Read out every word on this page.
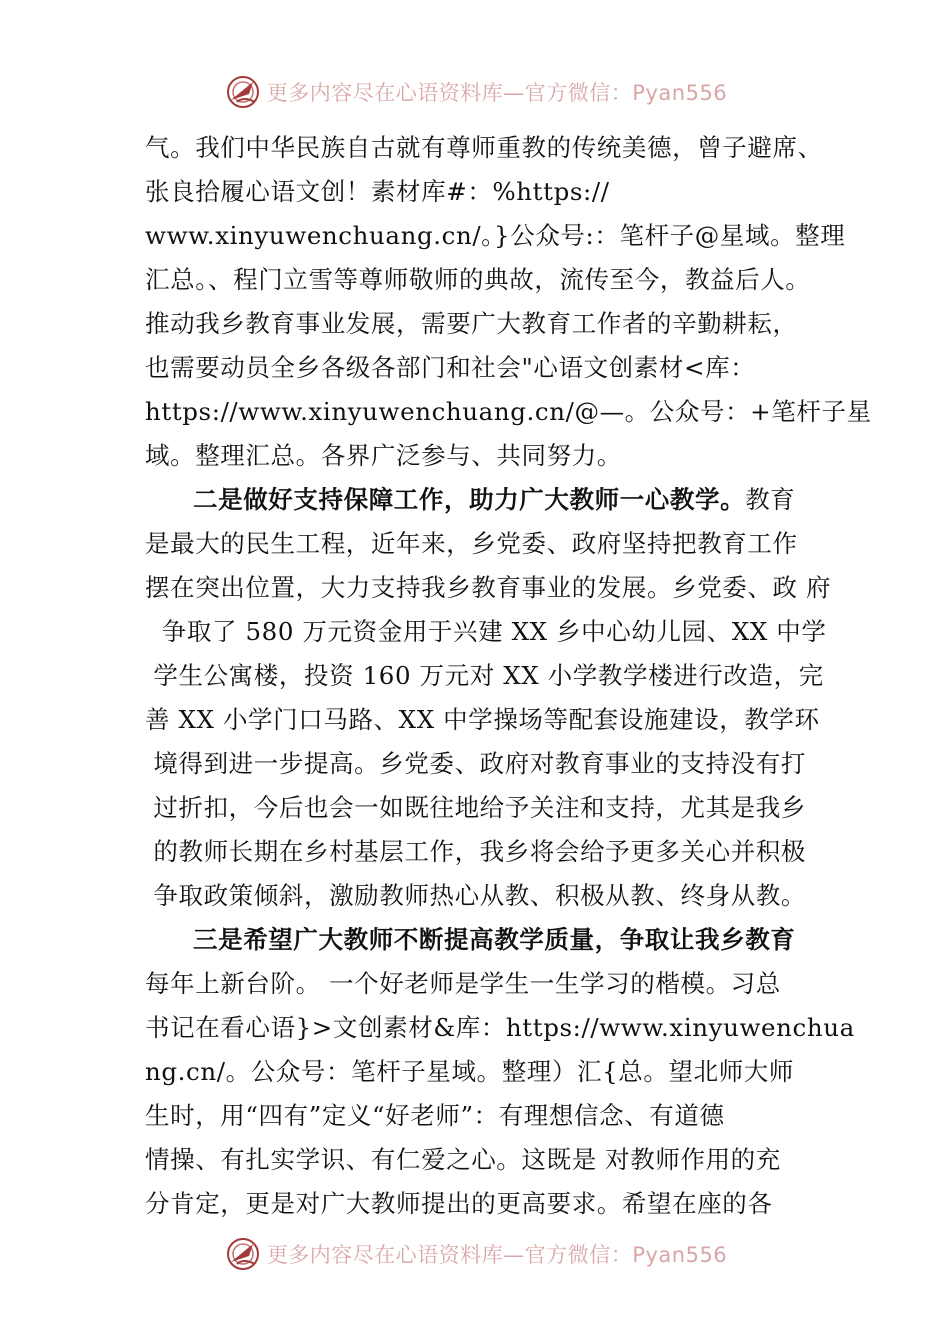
更多内容尽在心语资料库—官方微信：Pyan556
气。我们中华民族自古就有尊师重教的传统美德，曾子避席、
张良拾履心语文创！素材库#：%https://
www.xinyuwenchuang.cn/。}公众号:：笔杆子@星域。整理
汇总。、程门立雪等尊师敬师的典故，流传至今，教益后人。
推动我乡教育事业发展，需要广大教育工作者的辛勤耕耘，
也需要动员全乡各级各部门和社会"心语文创素材<库：
https://www.xinyuwenchuang.cn/@—。公众号：+笔杆子星
域。整理汇总。各界广泛参与、共同努力。
二是做好支持保障工作，助力广大教师一心教学。教育
是最大的民生工程，近年来，乡党委、政府坚持把教育工作
摆在突出位置，大力支持我乡教育事业的发展。乡党委、政 府
争取了 580 万元资金用于兴建 XX 乡中心幼儿园、XX 中学
学生公寓楼，投资 160 万元对 XX 小学教学楼进行改造，完
善 XX 小学门口马路、XX 中学操场等配套设施建设，教学环
境得到进一步提高。乡党委、政府对教育事业的支持没有打
过折扣，今后也会一如既往地给予关注和支持，尤其是我乡
的教师长期在乡村基层工作，我乡将会给予更多关心并积极
争取政策倾斜，激励教师热心从教、积极从教、终身从教。
三是希望广大教师不断提高教学质量，争取让我乡教育
每年上新台阶。 一个好老师是学生一生学习的楷模。习总
书记在看心语}>文创素材&库：https://www.xinyuwenchua
ng.cn/。公众号：笔杆子星域。整理）汇{总。望北师大师
生时，用“四有”定义“好老师”：有理想信念、有道德
情操、有扎实学识、有仁爱之心。这既是 对教师作用的充
分肯定，更是对广大教师提出的更高要求。希望在座的各
更多内容尽在心语资料库—官方微信：Pyan556
